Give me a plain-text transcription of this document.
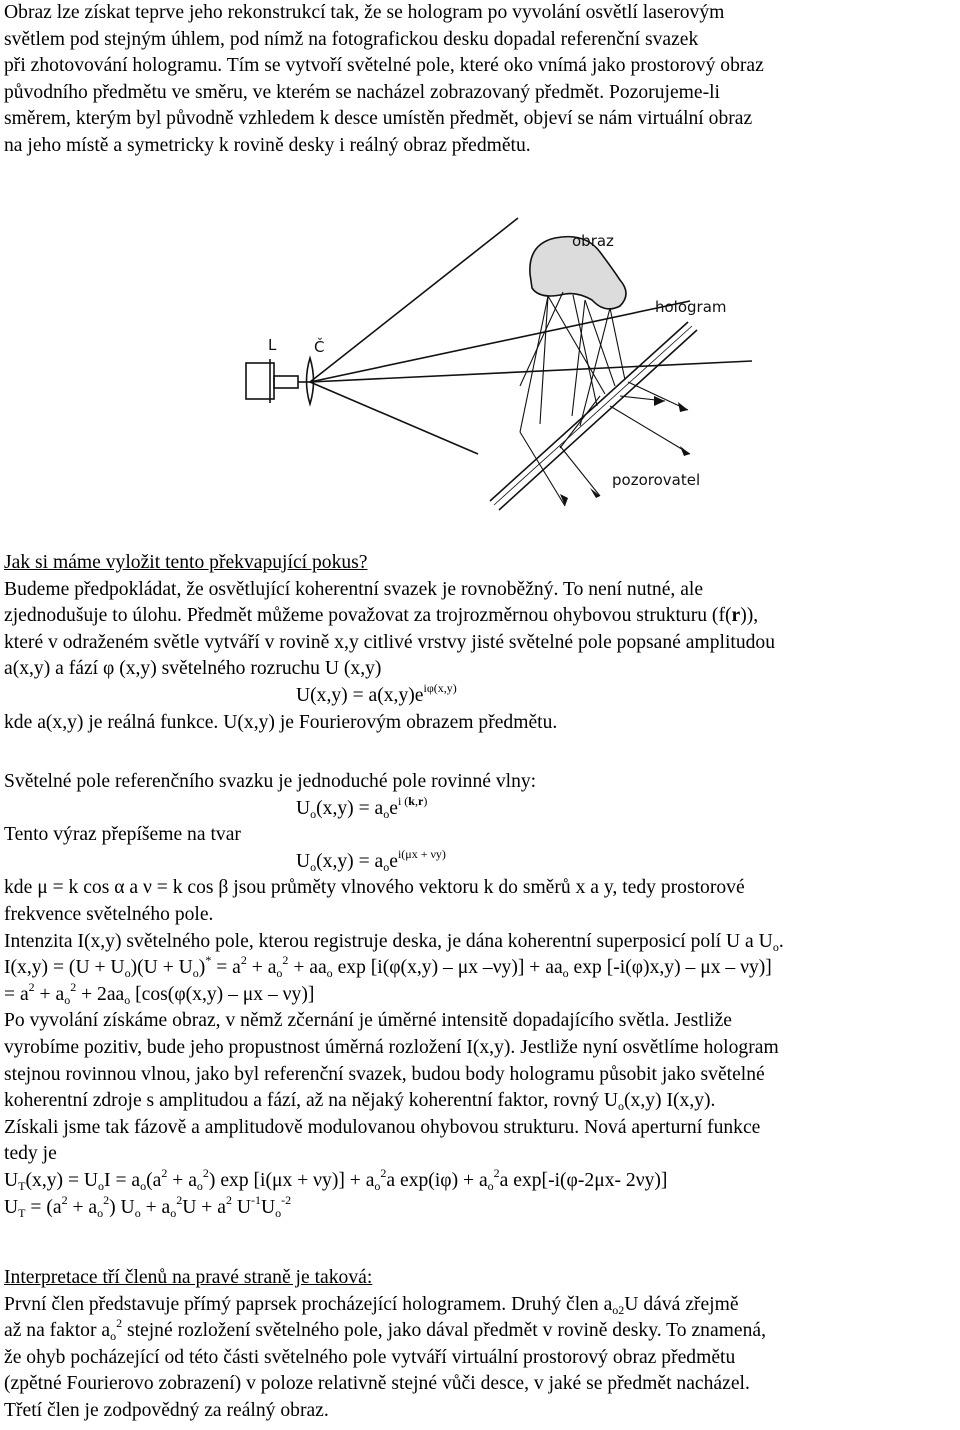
Obraz lze získat teprve jeho rekonstrukcí tak, že se hologram po vyvolání osvětlí laserovým

světlem pod stejným úhlem, pod nímž na fotografickou desku dopadal referenční svazek

při zhotovování hologramu. Tím se vytvoří světelné pole, které oko vnímá jako prostorový obraz

původního předmětu ve směru, ve kterém se nacházel zobrazovaný předmět. Pozorujeme-li

směrem, kterým byl původně vzhledem k desce umístěn předmět, objeví se nám virtuální obraz

na jeho místě a symetricky k rovině desky i reálný obraz předmětu.

Jak si máme vyložit tento překvapující pokus?

Budeme předpokládat, že osvětlující koherentní svazek je rovnoběžný. To není nutné, ale

zjednodušuje to úlohu. Předmět můžeme považovat za trojrozměrnou ohybovou strukturu (f(r)),

které v odraženém světle vytváří v rovině x,y citlivé vrstvy jisté světelné pole popsané amplitudou

a(x,y) a fází φ (x,y) světelného rozruchu U (x,y)

$U(x,y) = a(x,y)e^{i\varphi(x,y)}$

kde a(x,y) je reálná funkce. U(x,y) je Fourierovým obrazem předmětu.

Světelné pole referenčního svazku je jednoduché pole rovinné vlny:

$U_o(x,y) = a_oe^{i (k,r)}$

Tento výraz přepíšeme na tvar

$U_o(x,y) = a_oe^{i(\mu x + \nu y)}$

kde μ = k cos α a ν = k cos β jsou průměty vlnového vektoru k do směrů x a y, tedy prostorové

frekvence světelného pole.

Intenzita I(x,y) světelného pole, kterou registruje deska, je dána koherentní superposicí polí U a $U_o$.

$I(x,y) = (U + U_o)(U + U_o)^* = a^2 + a_o^2 + aa_o$ exp [i(φ(x,y) – μx $-\nu y)] + aa_o$ exp [-i(φ)x,y) – μx – νy)]

= $a^2 + a_o^2 + 2aa_o$ [cos(φ(x,y) – μx – νy)]

Po vyvolání získáme obraz, v němž zčernání je úměrné intensitě dopadajícího světla. Jestliže

vyrobíme pozitiv, bude jeho propustnost úměrná rozložení I(x,y). Jestliže nyní osvětlíme hologram

stejnou rovinnou vlnou, jako byl referenční svazek, budou body hologramu působit jako světelné

koherentní zdroje s amplitudou a fází, až na nějaký koherentní faktor, rovný $U_o(x,y)$ I(x,y).

Získali jsme tak fázově a amplitudově modulovanou ohybovou strukturu. Nová aperturní funkce

tedy je

$U_T(x,y) = U_oI = a_o(a^2 + a_o^2)$ $\exp [i(\mu x + \nu y)] + a_o^2a$ $\exp(i\varphi) + a_o^2a$ exp[-i(φ-2μx- 2νy)]

$U_T = (a^2 + a_o^2) U_o + a_o^2U + a^2$ $U^{-1}U_o^{-2}$

Interpretace tří členů na pravé straně je taková:

První člen představuje přímý paprsek procházející hologramem. Druhý člen $a_{o2}U$ dává zřejmě

až na faktor $a_o^2$ stejné rozložení světelného pole, jako dával předmět v rovině desky. To znamená,

že ohyb pocházející od této části světelného pole vytváří virtuální prostorový obraz předmětu

(zpětné Fourierovo zobrazení) v poloze relativně stejné vůči desce, v jaké se předmět nacházel.

Třetí člen je zodpovědný za reálný obraz.

obraz
hologram
pozorovatel
L	Č
